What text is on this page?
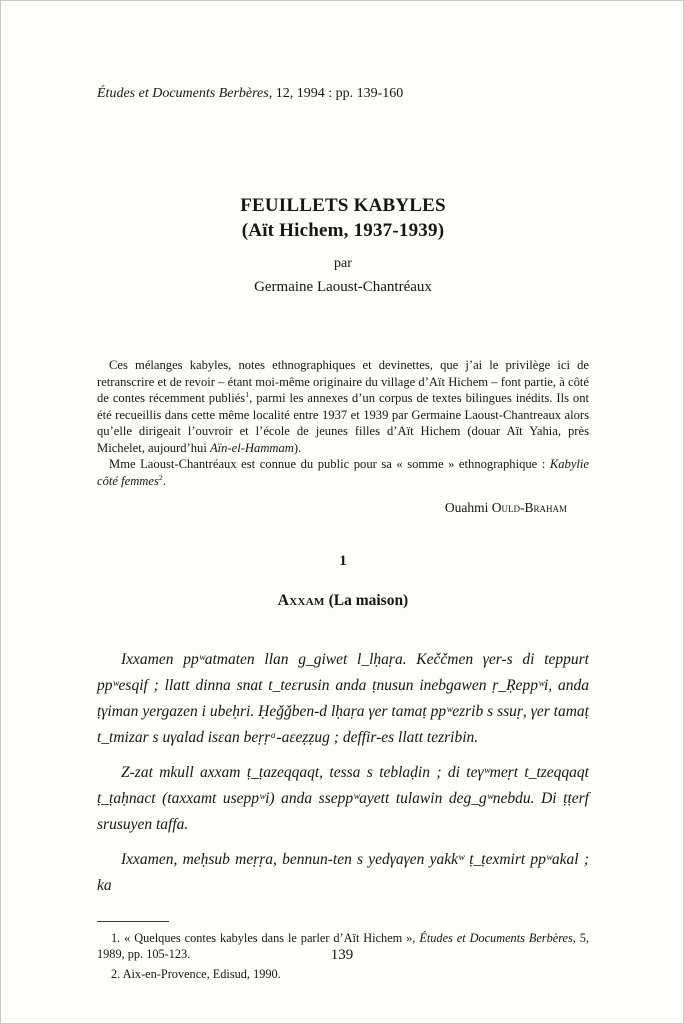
Études et Documents Berbères, 12, 1994 : pp. 139-160
FEUILLETS KABYLES
(Aït Hichem, 1937-1939)
par
Germaine Laoust-Chantréaux

Ces mélanges kabyles, notes ethnographiques et devinettes, que j’ai le privilège ici de retranscrire et de revoir – étant moi-même originaire du village d’Aït Hichem – font partie, à côté de contes récemment publiés$^1$, parmi les annexes d’un corpus de textes bilingues inédits. Ils ont été recueillis dans cette même localité entre 1937 et 1939 par Germaine Laoust-Chantreaux alors qu’elle dirigeait l’ouvroir et l’école de jeunes filles d’Aït Hichem (douar Aït Yahia, près Michelet, aujourd’hui Aïn-el-Hammam).

Mme Laoust-Chantréaux est connue du public pour sa « somme » ethnographique : Kabylie côté femmes$^2$.

Ouahmi Ould-Braham
1
Axxam (La maison)

Ixxamen ppʷatmaten llan g_giwet l_lḥaṛa. Keččmen γer-s di teppurt ppʷesqif ; llatt dinna snat t_teɛrusin anda ṭnusun inebgawen ṛ_Ṛeppʷi, anda ṭγiman yergazen i ubeḥri. Ḥeǧǧben-d lḥaṛa γer tamaṭ ppʷezrib s ssuṛ, γer tamaṭ t_tmizar s uγalad isɛan beṛṛᵃ-aɛeẓẓug ; deffir-es llatt tezribin.

Z-zat mkull axxam ṭ_ṭazeqqaqt, tessa s teblaḍin ; di teγʷmeṛt t_tzeqqaqt ṭ_ṭaḥnact (taxxamt useppʷi) anda sseppʷayett tulawin deg_gʷnebdu. Di ṭṭerf srusuyen taffa.

Ixxamen, meḥsub meṛṛa, bennun-ten s yedγaγen yakkʷ ṭ_ṭexmirt ppʷakal ; ka

1. « Quelques contes kabyles dans le parler d’Aït Hichem », Études et Documents Berbères, 5, 1989, pp. 105-123.

2. Aix-en-Provence, Edisud, 1990.

139
